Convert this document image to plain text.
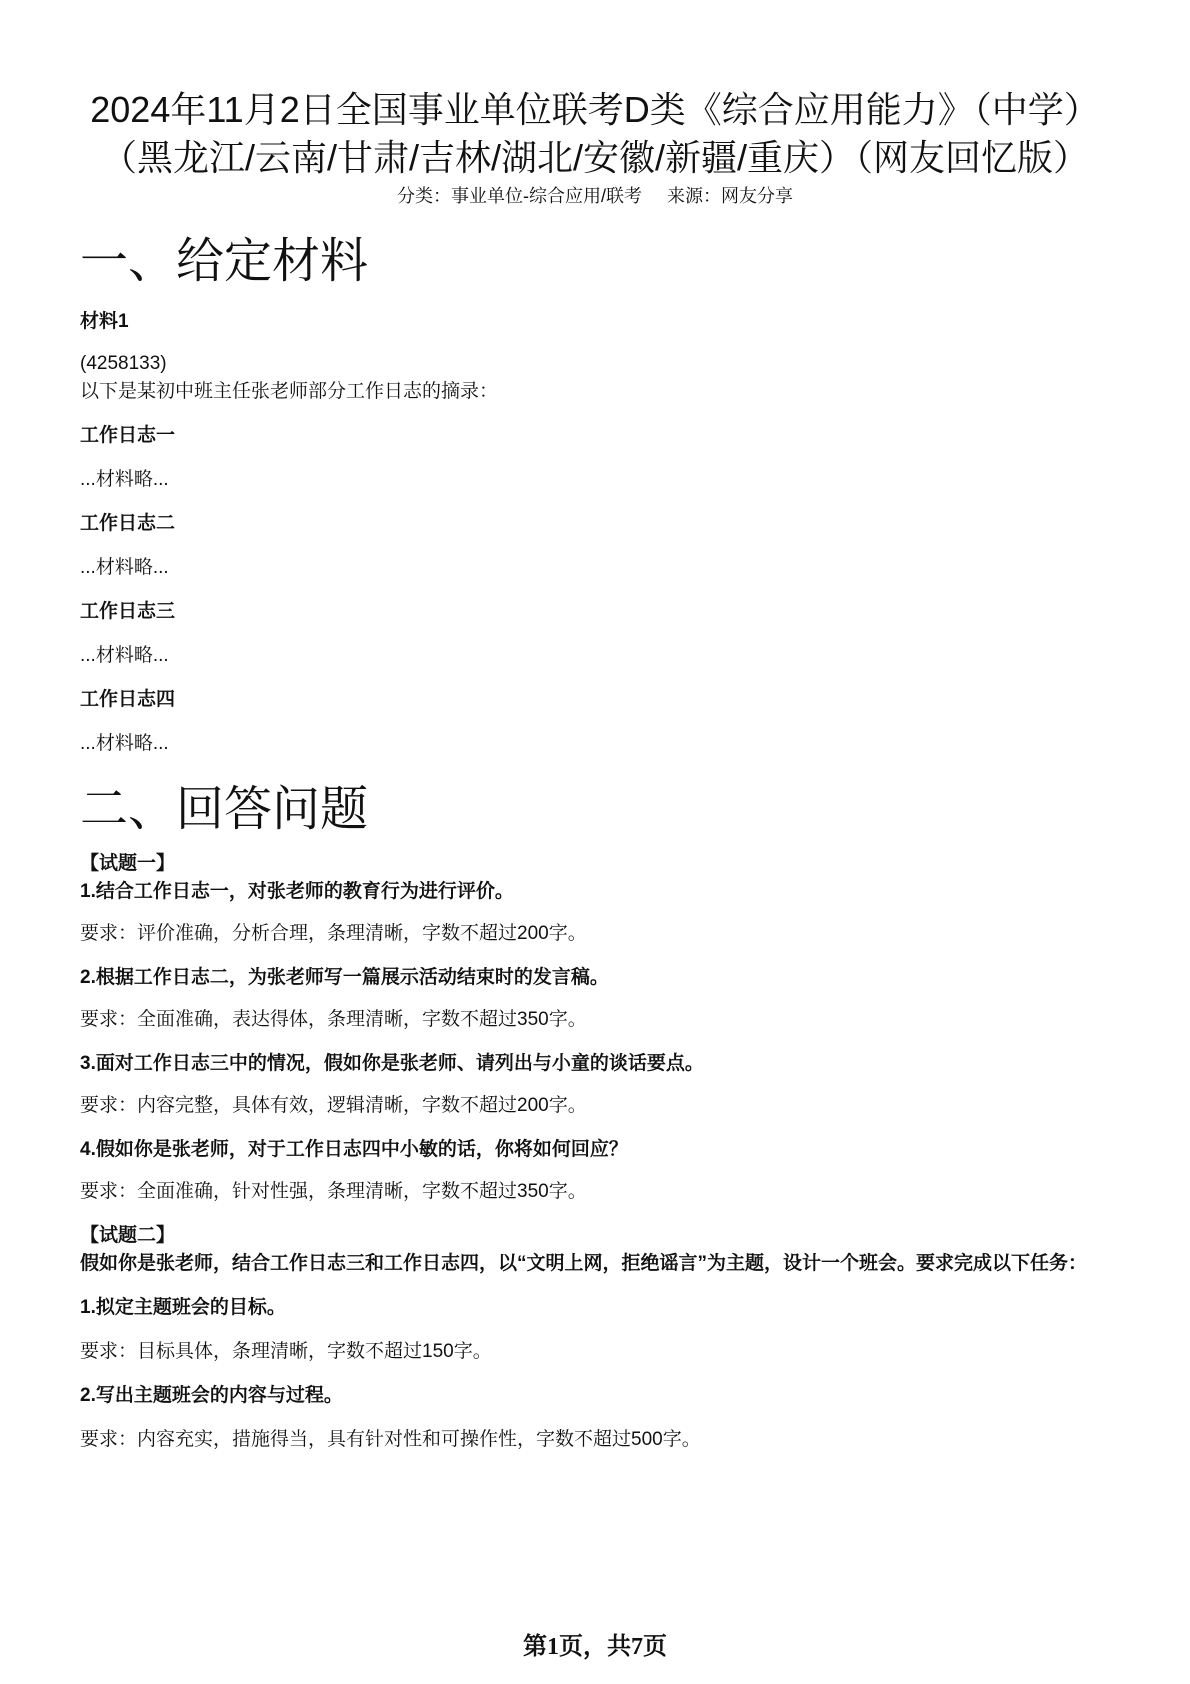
2024年11月2日全国事业单位联考D类《综合应用能力》（中学）
（黑龙江/云南/甘肃/吉林/湖北/安徽/新疆/重庆）（网友回忆版）
分类：事业单位-综合应用/联考 来源：网友分享
一、给定材料

材料1

(4258133)

以下是某初中班主任张老师部分工作日志的摘录：

工作日志一

...材料略...

工作日志二

...材料略...

工作日志三

...材料略...

工作日志四

...材料略...

二、回答问题

【试题一】

1.结合工作日志一，对张老师的教育行为进行评价。

要求：评价准确，分析合理，条理清晰，字数不超过200字。

2.根据工作日志二，为张老师写一篇展示活动结束时的发言稿。

要求：全面准确，表达得体，条理清晰，字数不超过350字。

3.面对工作日志三中的情况，假如你是张老师、请列出与小童的谈话要点。

要求：内容完整，具体有效，逻辑清晰，字数不超过200字。

4.假如你是张老师，对于工作日志四中小敏的话，你将如何回应？

要求：全面准确，针对性强，条理清晰，字数不超过350字。

【试题二】

假如你是张老师，结合工作日志三和工作日志四，以“文明上网，拒绝谣言”为主题，设计一个班会。要求完成以下任务：

1.拟定主题班会的目标。

要求：目标具体，条理清晰，字数不超过150字。

2.写出主题班会的内容与过程。

要求：内容充实，措施得当，具有针对性和可操作性，字数不超过500字。

第1页，共7页
